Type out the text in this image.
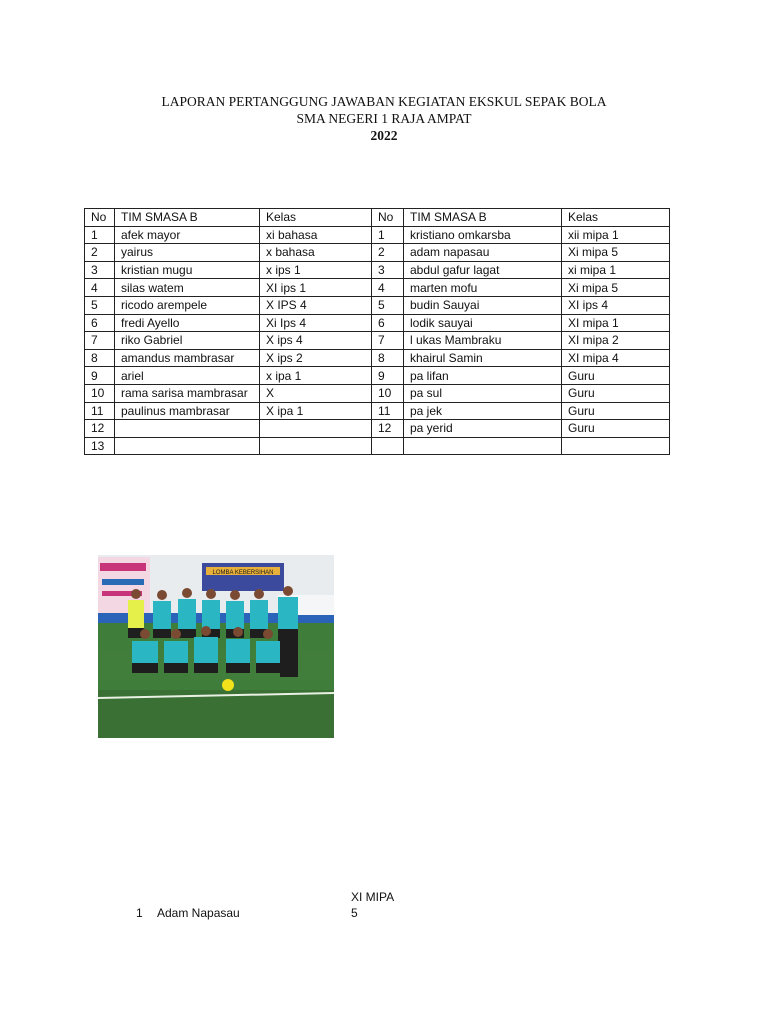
LAPORAN PERTANGGUNG JAWABAN KEGIATAN EKSKUL SEPAK BOLA
SMA NEGERI 1 RAJA AMPAT
2022
No	TIM SMASA B	Kelas	No	TIM SMASA B	Kelas
1	afek mayor	xi bahasa	1	kristiano omkarsba	xii mipa 1
2	yairus	x bahasa	2	adam napasau	Xi mipa 5
3	kristian mugu	x ips 1	3	abdul gafur lagat	xi mipa 1
4	silas watem	XI ips 1	4	marten mofu	Xi mipa 5
5	ricodo arempele	X IPS 4	5	budin Sauyai	XI ips 4
6	fredi Ayello	Xi Ips 4	6	lodik sauyai	XI mipa 1
7	riko Gabriel	X ips 4	7	l ukas Mambraku	XI mipa 2
8	amandus mambrasar	X ips 2	8	khairul Samin	XI mipa 4
9	ariel	x ipa 1	9	pa lifan	Guru
10	rama sarisa mambrasar	X	10	pa sul	Guru
11	paulinus mambrasar	X ipa 1	11	pa jek	Guru
12			12	pa yerid	Guru
13					
LOMBA KEBERSIHAN
XI MIPA
1 Adam Napasau	5
